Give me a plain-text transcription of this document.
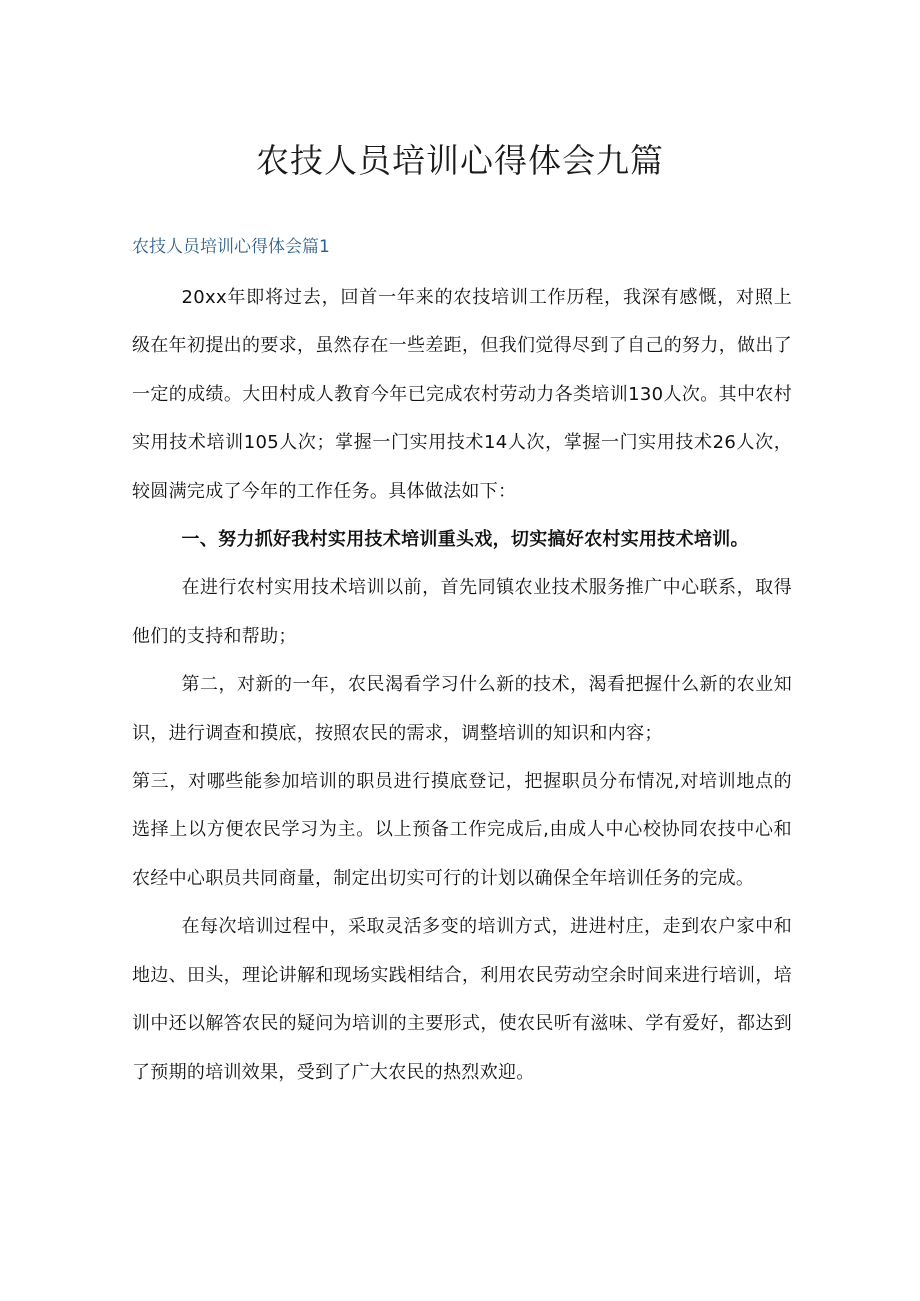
农技人员培训心得体会九篇
农技人员培训心得体会篇1

20xx年即将过去，回首一年来的农技培训工作历程，我深有感慨，对照上级在年初提出的要求，虽然存在一些差距，但我们觉得尽到了自己的努力，做出了一定的成绩。大田村成人教育今年已完成农村劳动力各类培训130人次。其中农村实用技术培训105人次；掌握一门实用技术14人次，掌握一门实用技术26人次，较圆满完成了今年的工作任务。具体做法如下：

一、努力抓好我村实用技术培训重头戏，切实搞好农村实用技术培训。

在进行农村实用技术培训以前，首先同镇农业技术服务推广中心联系，取得他们的支持和帮助；

第二，对新的一年，农民渴看学习什么新的技术，渴看把握什么新的农业知识，进行调查和摸底，按照农民的需求，调整培训的知识和内容；

第三，对哪些能参加培训的职员进行摸底登记，把握职员分布情况,对培训地点的选择上以方便农民学习为主。以上预备工作完成后,由成人中心校协同农技中心和农经中心职员共同商量，制定出切实可行的计划以确保全年培训任务的完成。

在每次培训过程中，采取灵活多变的培训方式，进进村庄，走到农户家中和地边、田头，理论讲解和现场实践相结合，利用农民劳动空余时间来进行培训，培训中还以解答农民的疑问为培训的主要形式，使农民听有滋味、学有爱好，都达到了预期的培训效果，受到了广大农民的热烈欢迎。
